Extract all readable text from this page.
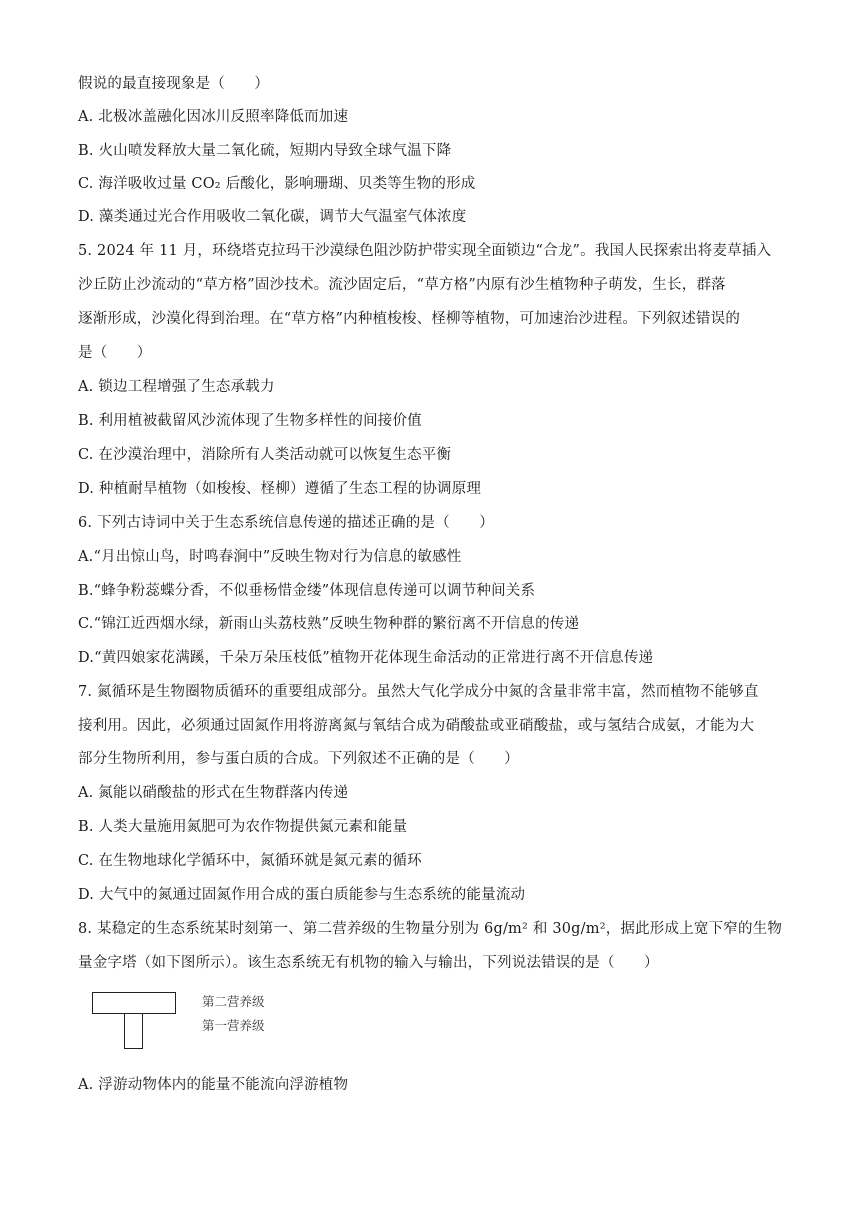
假说的最直接现象是（　　）
A. 北极冰盖融化因冰川反照率降低而加速
B. 火山喷发释放大量二氧化硫，短期内导致全球气温下降
C. 海洋吸收过量 CO₂ 后酸化，影响珊瑚、贝类等生物的形成
D. 藻类通过光合作用吸收二氧化碳，调节大气温室气体浓度
5. 2024 年 11 月，环绕塔克拉玛干沙漠绿色阻沙防护带实现全面锁边“合龙”。我国人民探索出将麦草插入
沙丘防止沙流动的“草方格”固沙技术。流沙固定后，“草方格”内原有沙生植物种子萌发，生长，群落
逐渐形成，沙漠化得到治理。在“草方格”内种植梭梭、柽柳等植物，可加速治沙进程。下列叙述错误的
是（　　）
A. 锁边工程增强了生态承载力
B. 利用植被截留风沙流体现了生物多样性的间接价值
C. 在沙漠治理中，消除所有人类活动就可以恢复生态平衡
D. 种植耐旱植物（如梭梭、柽柳）遵循了生态工程的协调原理
6. 下列古诗词中关于生态系统信息传递的描述正确的是（　　）
A.“月出惊山鸟，时鸣春涧中”反映生物对行为信息的敏感性
B.“蜂争粉蕊蝶分香，不似垂杨惜金缕”体现信息传递可以调节种间关系
C.“锦江近西烟水绿，新雨山头荔枝熟”反映生物种群的繁衍离不开信息的传递
D.“黄四娘家花满蹊，千朵万朵压枝低”植物开花体现生命活动的正常进行离不开信息传递
7. 氮循环是生物圈物质循环的重要组成部分。虽然大气化学成分中氮的含量非常丰富，然而植物不能够直
接利用。因此，必须通过固氮作用将游离氮与氧结合成为硝酸盐或亚硝酸盐，或与氢结合成氨，才能为大
部分生物所利用，参与蛋白质的合成。下列叙述不正确的是（　　）
A. 氮能以硝酸盐的形式在生物群落内传递
B. 人类大量施用氮肥可为农作物提供氮元素和能量
C. 在生物地球化学循环中，氮循环就是氮元素的循环
D. 大气中的氮通过固氮作用合成的蛋白质能参与生态系统的能量流动
8. 某稳定的生态系统某时刻第一、第二营养级的生物量分别为 6g/m² 和 30g/m²，据此形成上宽下窄的生物
量金字塔（如下图所示）。该生态系统无有机物的输入与输出，下列说法错误的是（　　）
第二营养级
第一营养级
A. 浮游动物体内的能量不能流向浮游植物
